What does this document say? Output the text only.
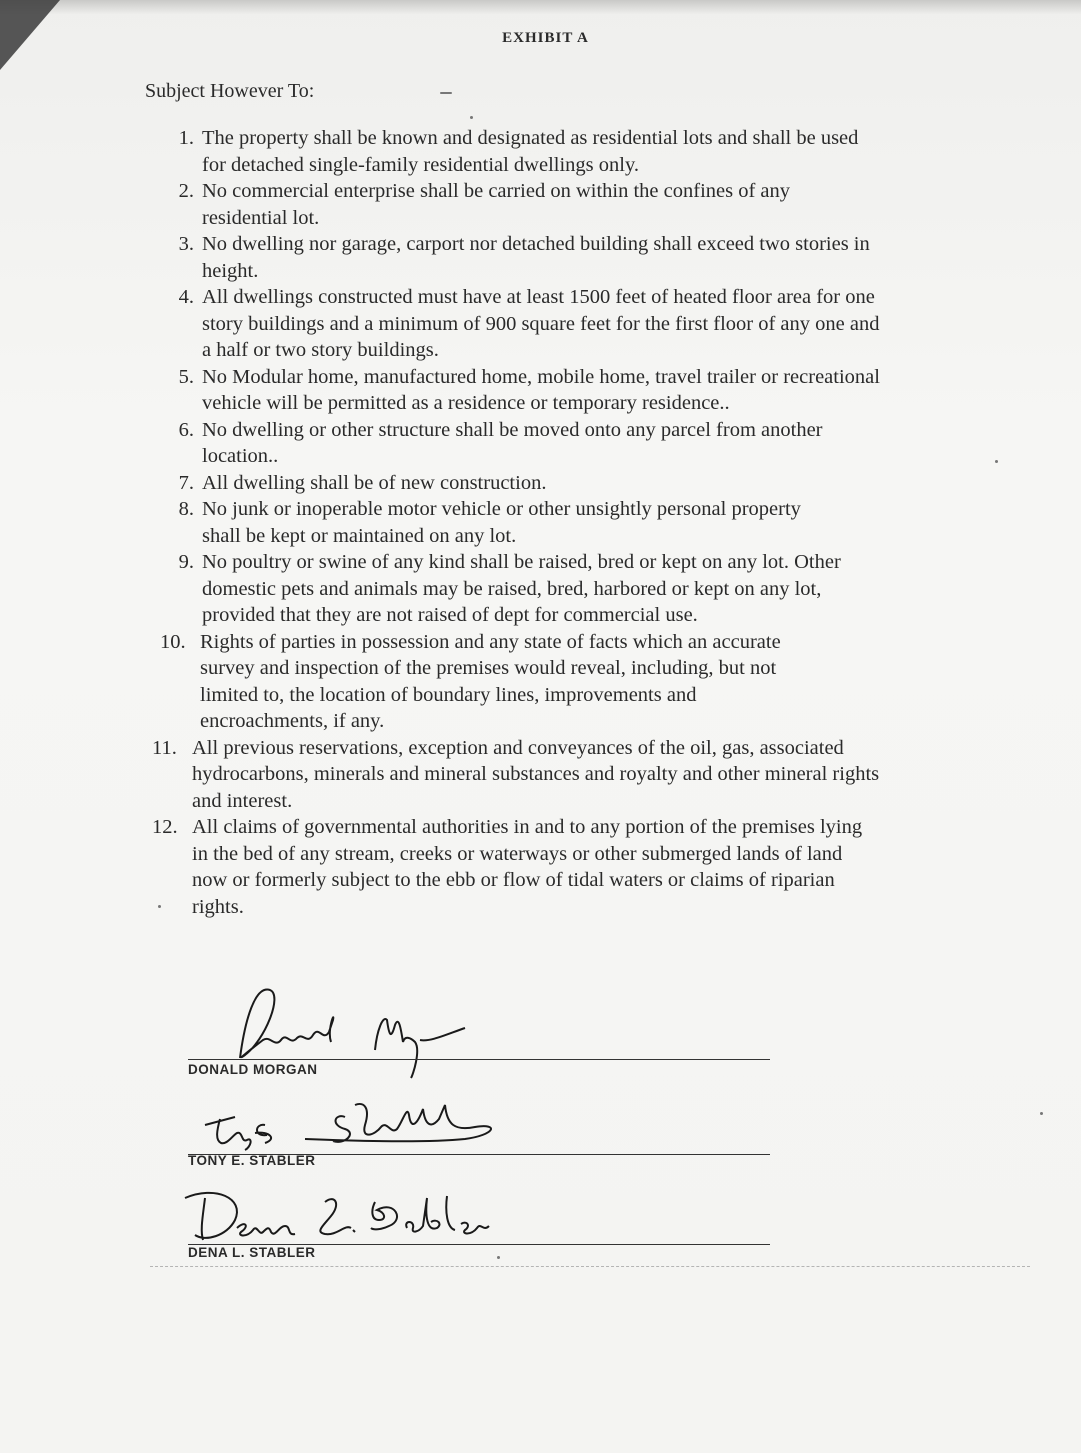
EXHIBIT A
Subject However To:
1. The property shall be known and designated as residential lots and shall be used for detached single-family residential dwellings only.
2. No commercial enterprise shall be carried on within the confines of any residential lot.
3. No dwelling nor garage, carport nor detached building shall exceed two stories in height.
4. All dwellings constructed must have at least 1500 feet of heated floor area for one story buildings and a minimum of 900 square feet for the first floor of any one and a half or two story buildings.
5. No Modular home, manufactured home, mobile home, travel trailer or recreational vehicle will be permitted as a residence or temporary residence..
6. No dwelling or other structure shall be moved onto any parcel from another location..
7. All dwelling shall be of new construction.
8. No junk or inoperable motor vehicle or other unsightly personal property shall be kept or maintained on any lot.
9. No poultry or swine of any kind shall be raised, bred or kept on any lot. Other domestic pets and animals may be raised, bred, harbored or kept on any lot, provided that they are not raised of dept for commercial use.
10. Rights of parties in possession and any state of facts which an accurate survey and inspection of the premises would reveal, including, but not limited to, the location of boundary lines, improvements and encroachments, if any.
11. All previous reservations, exception and conveyances of the oil, gas, associated hydrocarbons, minerals and mineral substances and royalty and other mineral rights and interest.
12. All claims of governmental authorities in and to any portion of the premises lying in the bed of any stream, creeks or waterways or other submerged lands of land now or formerly subject to the ebb or flow of tidal waters or claims of riparian rights.
DONALD MORGAN
TONY E. STABLER
DENA L. STABLER
